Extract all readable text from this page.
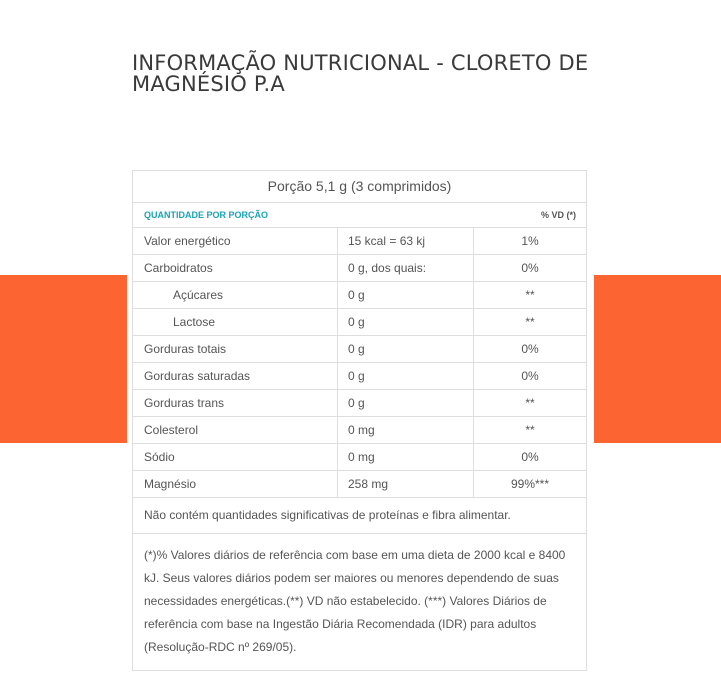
INFORMAÇÃO NUTRICIONAL - CLORETO DE MAGNÉSIO P.A
Porção 5,1 g (3 comprimidos)
QUANTIDADE POR PORÇÃO	% VD (*)
Valor energético	15 kcal = 63 kj	1%
Carboidratos	0 g, dos quais:	0%
Açúcares	0 g	**
Lactose	0 g	**
Gorduras totais	0 g	0%
Gorduras saturadas	0 g	0%
Gorduras trans	0 g	**
Colesterol	0 mg	**
Sódio	0 mg	0%
Magnésio	258 mg	99%***
Não contém quantidades significativas de proteínas e fibra alimentar.
(*)% Valores diários de referência com base em uma dieta de 2000 kcal e 8400 kJ. Seus valores diários podem ser maiores ou menores dependendo de suas necessidades energéticas.(**) VD não estabelecido. (***) Valores Diários de referência com base na Ingestão Diária Recomendada (IDR) para adultos (Resolução-RDC nº 269/05).
